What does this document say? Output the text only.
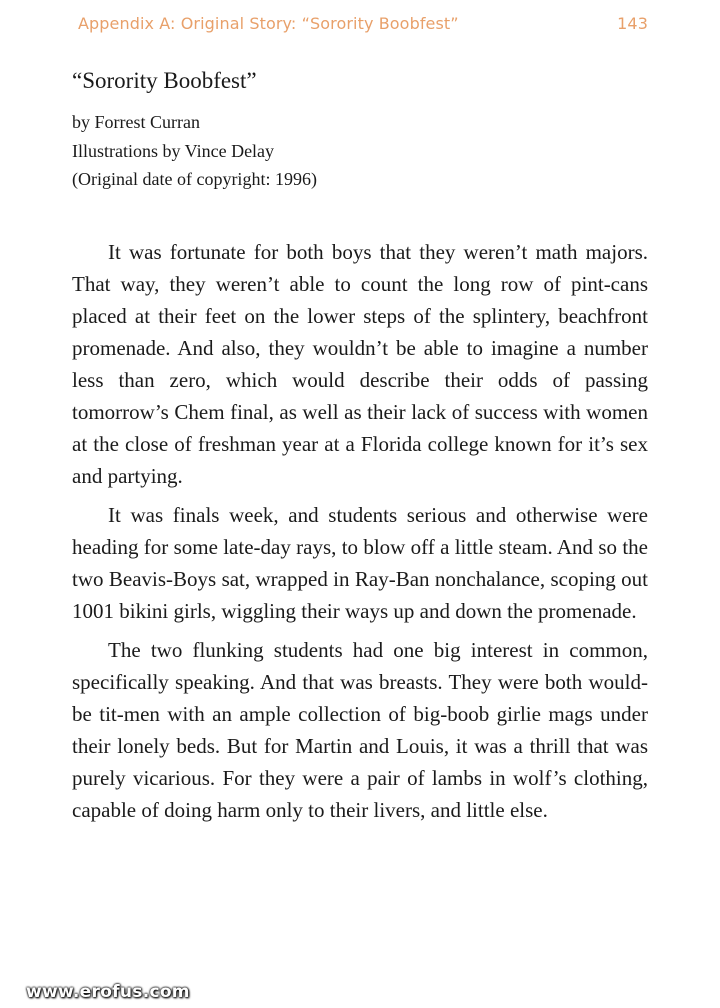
Appendix A: Original Story: “Sorority Boobfest”	143
“Sorority Boobfest”
by Forrest Curran
Illustrations by Vince Delay
(Original date of copyright: 1996)

It was fortunate for both boys that they weren’t math majors. That way, they weren’t able to count the long row of pint-cans placed at their feet on the lower steps of the splintery, beachfront promenade. And also, they wouldn’t be able to imagine a number less than zero, which would describe their odds of passing tomorrow’s Chem final, as well as their lack of success with women at the close of freshman year at a Florida college known for it’s sex and partying.

It was finals week, and students serious and otherwise were heading for some late-day rays, to blow off a little steam. And so the two Beavis-Boys sat, wrapped in Ray-Ban nonchalance, scoping out 1001 bikini girls, wiggling their ways up and down the promenade.

The two flunking students had one big interest in common, specifically speaking. And that was breasts. They were both would-be tit-men with an ample collection of big-boob girlie mags under their lonely beds. But for Martin and Louis, it was a thrill that was purely vicarious. For they were a pair of lambs in wolf’s clothing, capable of doing harm only to their livers, and little else.

www.erofus.com
